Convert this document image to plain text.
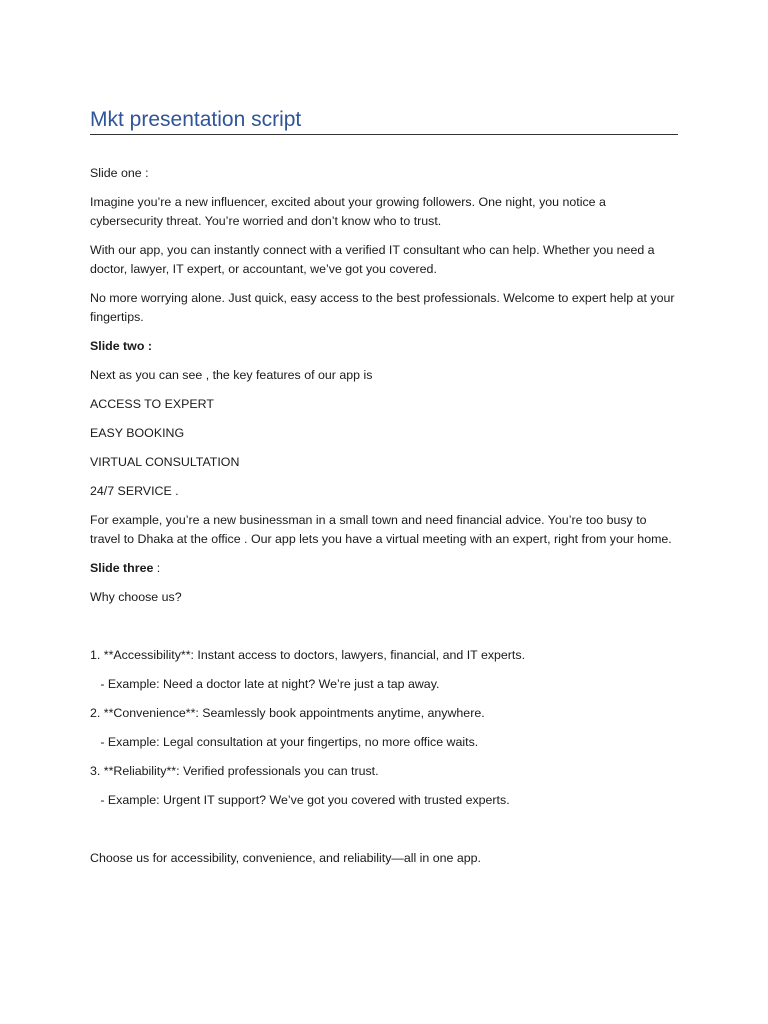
Mkt presentation script

Slide one :

Imagine you’re a new influencer, excited about your growing followers. One night, you notice a cybersecurity threat. You’re worried and don’t know who to trust.

With our app, you can instantly connect with a verified IT consultant who can help. Whether you need a doctor, lawyer, IT expert, or accountant, we’ve got you covered.

No more worrying alone. Just quick, easy access to the best professionals. Welcome to expert help at your fingertips.

Slide two :

Next as you can see , the key features of our app is

ACCESS TO EXPERT

EASY BOOKING

VIRTUAL CONSULTATION

24/7 SERVICE .

For example, you’re a new businessman in a small town and need financial advice. You’re too busy to travel to Dhaka at the office . Our app lets you have a virtual meeting with an expert, right from your home.

Slide three :

Why choose us?

1. **Accessibility**: Instant access to doctors, lawyers, financial, and IT experts.

- Example: Need a doctor late at night? We’re just a tap away.

2. **Convenience**: Seamlessly book appointments anytime, anywhere.

- Example: Legal consultation at your fingertips, no more office waits.

3. **Reliability**: Verified professionals you can trust.

- Example: Urgent IT support? We’ve got you covered with trusted experts.

Choose us for accessibility, convenience, and reliability—all in one app.
